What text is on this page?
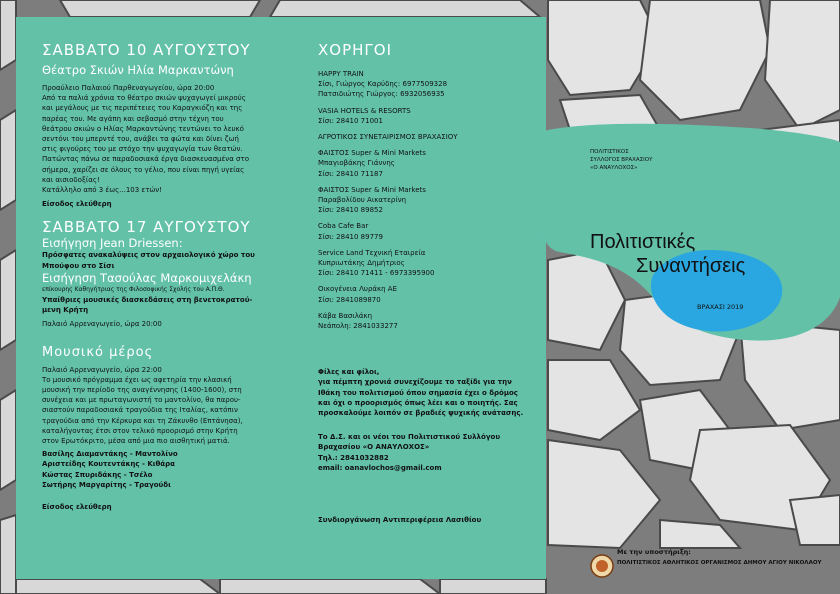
ΣΑΒΒΑΤΟ 10 ΑΥΓΟΥΣΤΟΥ

Θέατρο Σκιών Ηλία Μαρκαντώνη

Προαύλειο Παλαιού Παρθεναγωγείου, ώρα 20:00

Από τα παλιά χρόνια το θέατρο σκιών ψυχαγωγεί μικρούς

και μεγάλους με τις περιπέτειες του Καραγκιόζη και της

παρέας του. Με αγάπη και σεβασμό στην τέχνη του

θεάτρου σκιών ο Ηλίας Μαρκαντώνης τεντώνει το λευκό

σεντόνι του μπερντέ του, ανάβει τα φώτα και δίνει ζωή

στις φιγούρες του με στόχο την ψυχαγωγία των θεατών.

Πατώντας πάνω σε παραδοσιακά έργα διασκευασμένα στο

σήμερα, χαρίζει σε όλους το γέλιο, που είναι πηγή υγείας

και αισιοδοξίας!

Κατάλληλο από 3 έως...103 ετών!

Είσοδος ελεύθερη

ΣΑΒΒΑΤΟ 17 ΑΥΓΟΥΣΤΟΥ

Εισήγηση Jean Driessen:

Πρόσφατες ανακαλύψεις στον αρχαιολογικό χώρο του

Μπούφου στο Σίσι

Εισήγηση Τασούλας Μαρκομιχελάκη

επίκουρης Καθηγήτριας της Φιλοσοφικής Σχολής του Α.Π.Θ.

Υπαίθριες μουσικές διασκεδάσεις στη βενετοκρατού-

μενη Κρήτη

Παλαιό Αρρεναγωγείο, ώρα 20:00

Μουσικό μέρος

Παλαιό Αρρεναγωγείο, ώρα 22:00

Το μουσικό πρόγραμμα έχει ως αφετηρία την κλασική

μουσική την περίοδο της αναγέννησης (1400-1600), στη

συνέχεια και με πρωταγωνιστή το μαντολίνο, θα παρου-

σιαστούν παραδοσιακά τραγούδια της Ιταλίας, κατόπιν

τραγούδια από την Κέρκυρα και τη Ζάκυνθο (Επτάνησα),

καταλήγοντας έτσι στον τελικό προορισμό στην Κρήτη

στον Ερωτόκριτο, μέσα από μια πιο αισθητική ματιά.

Βασίλης Διαμαντάκης - Μαντολίνο

Αριστείδης Κουτεντάκης - Κιθάρα

Κώστας Σπυριδάκης - Τσέλο

Σωτήρης Μαργαρίτης - Τραγούδι

Είσοδος ελεύθερη

ΧΟΡΗΓΟΙ

HAPPY TRAIN

Σίσι, Γιώργος Καρύδης: 6977509328

Πατσιδιώτης Γιώργος: 6932056935

VASIA HOTELS & RESORTS

Σίσι: 28410 71001

ΑΓΡΟΤΙΚΟΣ ΣΥΝΕΤΑΙΡΙΣΜΟΣ ΒΡΑΧΑΣΙΟΥ

ΦΑΙΣΤΟΣ Super & Mini Markets

Μπαγιοβάκης Γιάννης

Σίσι: 28410 71187

ΦΑΙΣΤΟΣ Super & Mini Markets

Παραβολίδου Αικατερίνη

Σίσι: 28410 89852

Coba Cafe Bar

Σίσι: 28410 89779

Service Land Τεχνική Εταιρεία

Κυπριωτάκης Δημήτριος

Σίσι: 28410 71411 - 6973395900

Οικογένεια Λυράκη ΑΕ

Σίσι: 2841089870

Κάβα Βασιλάκη

Νεάπολη: 2841033277

Φίλες και φίλοι,

για πέμπτη χρονιά συνεχίζουμε το ταξίδι για την

Ιθάκη του πολιτισμού όπου σημασία έχει ο δρόμος

και όχι ο προορισμός όπως λέει και ο ποιητής. Σας

προσκαλούμε λοιπόν σε βραδιές ψυχικής ανάτασης.

Το Δ.Σ. και οι νέοι του Πολιτιστικού Συλλόγου

Βραχασίου «Ο ΑΝΑΥΛΟΧΟΣ»

Τηλ.: 2841032882

email: oanavlochos@gmail.com

Συνδιοργάνωση Αντιπεριφέρεια Λασιθίου

ΠΟΛΙΤΙΣΤΙΚΟΣ

ΣΥΛΛΟΓΟΣ ΒΡΑΧΑΣΙΟΥ

«Ο ΑΝΑΥΛΟΧΟΣ»

Πολιτιστικές

Συναντήσεις

ΒΡΑΧΑΣΙ 2019

Με την υποστήριξη:

ΠΟΛΙΤΙΣΤΙΚΟΣ ΑΘΛΗΤΙΚΟΣ ΟΡΓΑΝΙΣΜΟΣ ΔΗΜΟΥ ΑΓΙΟΥ ΝΙΚΟΛΑΟΥ
